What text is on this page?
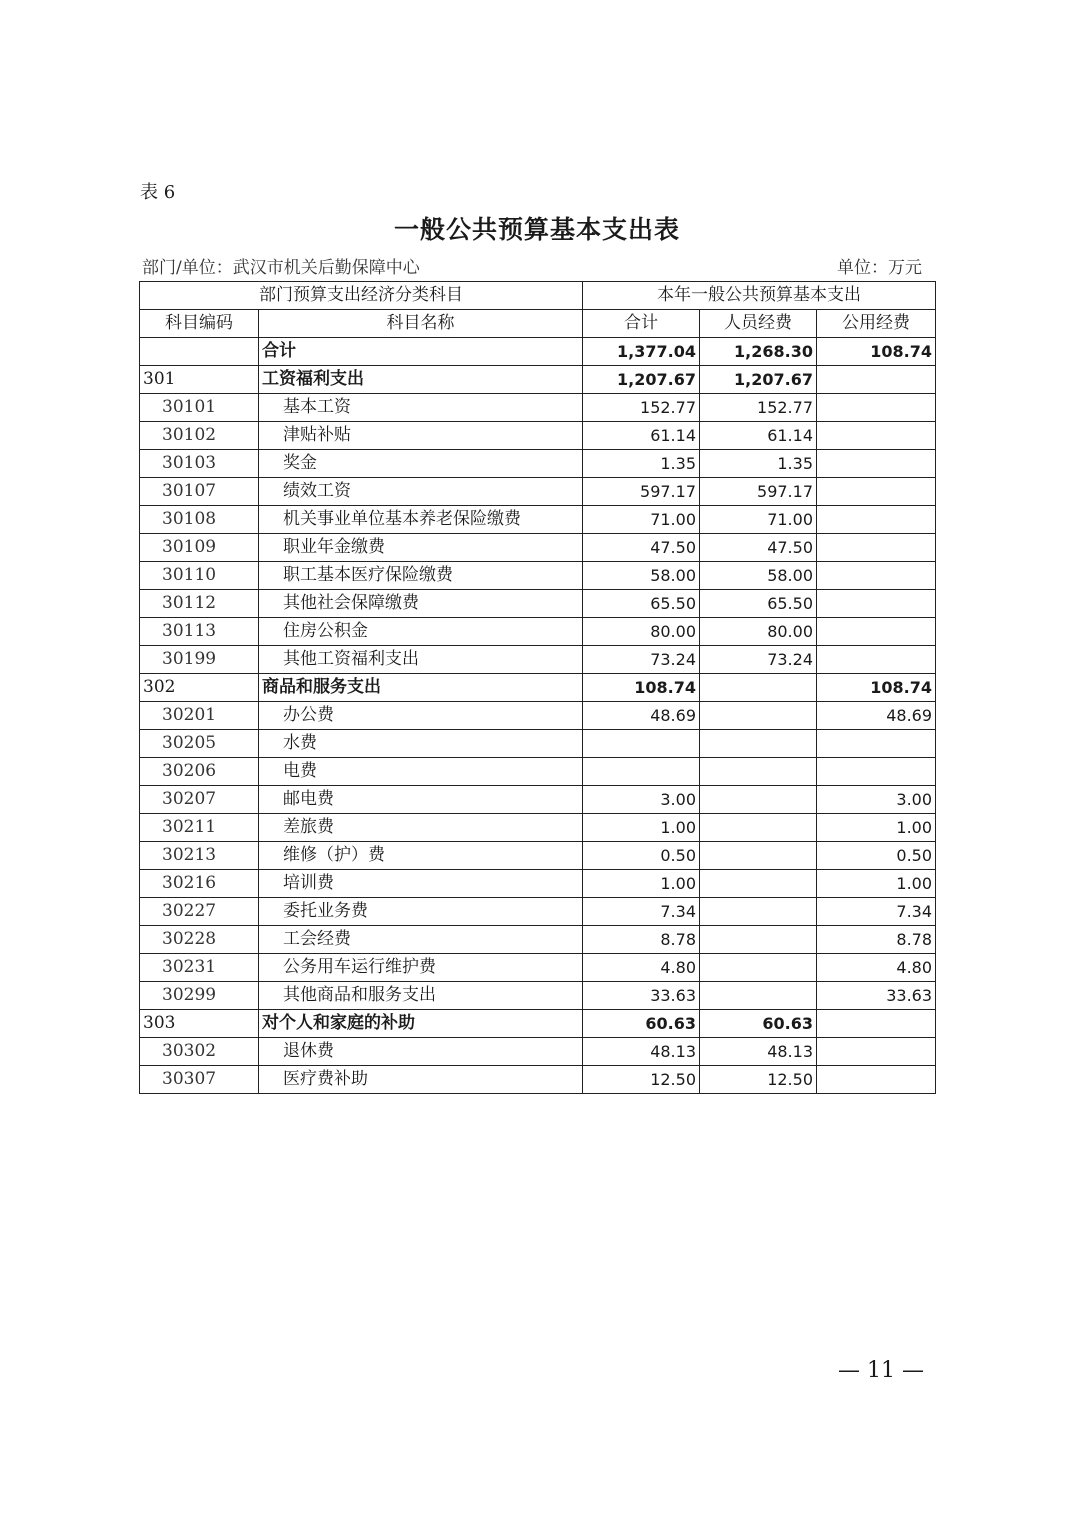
表 6
一般公共预算基本支出表
部门/单位：武汉市机关后勤保障中心	单位：万元
部门预算支出经济分类科目		本年一般公共预算基本支出		
科目编码	科目名称	合计	人员经费	公用经费
	合计	1,377.04	1,268.30	108.74
301	工资福利支出	1,207.67	1,207.67	
30101	基本工资	152.77	152.77	
30102	津贴补贴	61.14	61.14	
30103	奖金	1.35	1.35	
30107	绩效工资	597.17	597.17	
30108	机关事业单位基本养老保险缴费	71.00	71.00	
30109	职业年金缴费	47.50	47.50	
30110	职工基本医疗保险缴费	58.00	58.00	
30112	其他社会保障缴费	65.50	65.50	
30113	住房公积金	80.00	80.00	
30199	其他工资福利支出	73.24	73.24	
302	商品和服务支出	108.74		108.74
30201	办公费	48.69		48.69
30205	水费			
30206	电费			
30207	邮电费	3.00		3.00
30211	差旅费	1.00		1.00
30213	维修（护）费	0.50		0.50
30216	培训费	1.00		1.00
30227	委托业务费	7.34		7.34
30228	工会经费	8.78		8.78
30231	公务用车运行维护费	4.80		4.80
30299	其他商品和服务支出	33.63		33.63
303	对个人和家庭的补助	60.63	60.63	
30302	退休费	48.13	48.13	
30307	医疗费补助	12.50	12.50	
— 11 —
